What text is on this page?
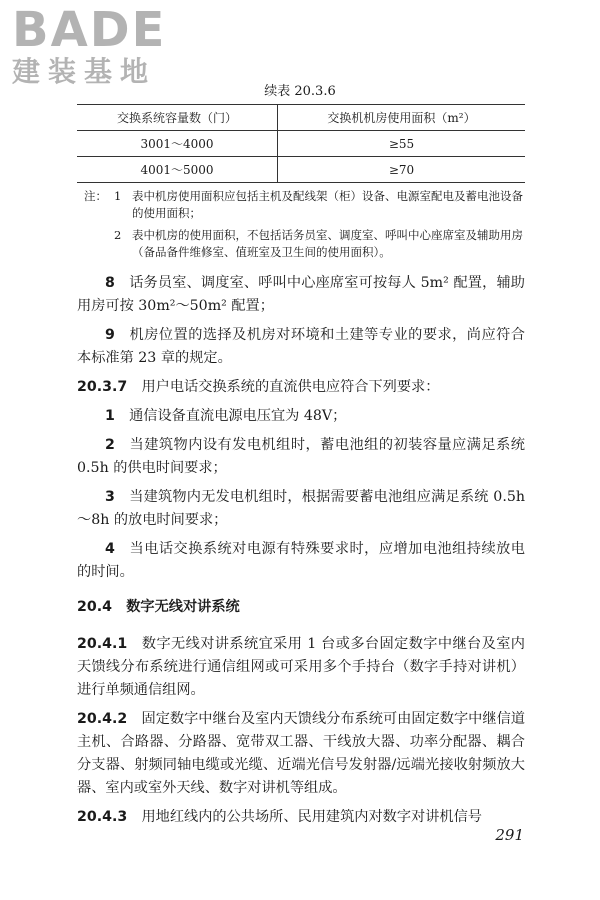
BADE
建装基地
续表 20.3.6
交换系统容量数（门）	交换机机房使用面积（m²）
3001～4000	≥55
4001～5000	≥70
注： 1 表中机房使用面积应包括主机及配线架（柜）设备、电源室配电及蓄电池设备的使用面积；
2 表中机房的使用面积，不包括话务员室、调度室、呼叫中心座席室及辅助用房（备品备件维修室、值班室及卫生间的使用面积）。

8  话务员室、调度室、呼叫中心座席室可按每人 5m² 配置，辅助用房可按 30m²～50m² 配置；

9  机房位置的选择及机房对环境和土建等专业的要求，尚应符合本标准第 23 章的规定。

20.3.7  用户电话交换系统的直流供电应符合下列要求：

1  通信设备直流电源电压宜为 48V；

2  当建筑物内设有发电机组时，蓄电池组的初装容量应满足系统 0.5h 的供电时间要求；

3  当建筑物内无发电机组时，根据需要蓄电池组应满足系统 0.5h～8h 的放电时间要求；

4  当电话交换系统对电源有特殊要求时，应增加电池组持续放电的时间。

20.4  数字无线对讲系统

20.4.1  数字无线对讲系统宜采用 1 台或多台固定数字中继台及室内天馈线分布系统进行通信组网或可采用多个手持台（数字手持对讲机）进行单频通信组网。

20.4.2  固定数字中继台及室内天馈线分布系统可由固定数字中继信道主机、合路器、分路器、宽带双工器、干线放大器、功率分配器、耦合分支器、射频同轴电缆或光缆、近端光信号发射器/远端光接收射频放大器、室内或室外天线、数字对讲机等组成。

20.4.3  用地红线内的公共场所、民用建筑内对数字对讲机信号

291
